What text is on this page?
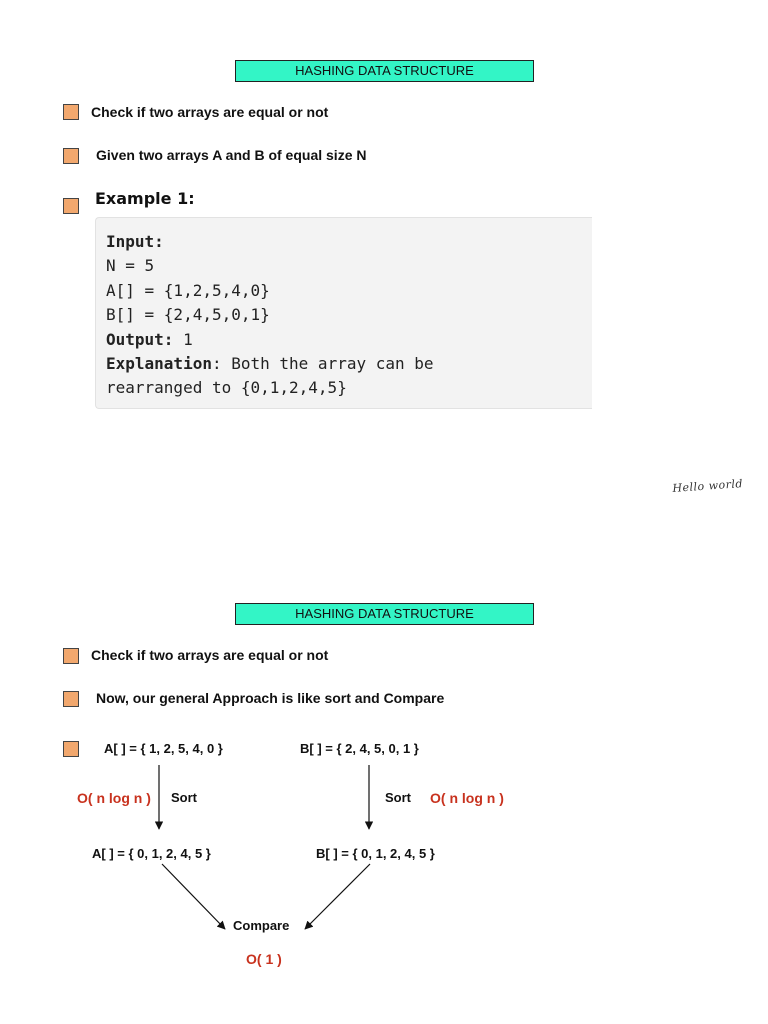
HASHING DATA STRUCTURE
Check if two arrays are equal or not
Given two arrays A and B of equal size N
Example 1:
Input:
N = 5
A[] = {1,2,5,4,0}
B[] = {2,4,5,0,1}
Output: 1
Explanation: Both the array can be
rearranged to {0,1,2,4,5}
Hello world
HASHING DATA STRUCTURE
Check if two arrays are equal or not
Now, our general Approach is like sort and Compare
A[ ] = { 1, 2, 5, 4, 0 }	B[ ] = { 2, 4, 5, 0, 1 }
O( n log n ) Sort	Sort O( n log n )
A[ ] = { 0, 1, 2, 4, 5 }	B[ ] = { 0, 1, 2, 4, 5 }
Compare
O( 1 )
